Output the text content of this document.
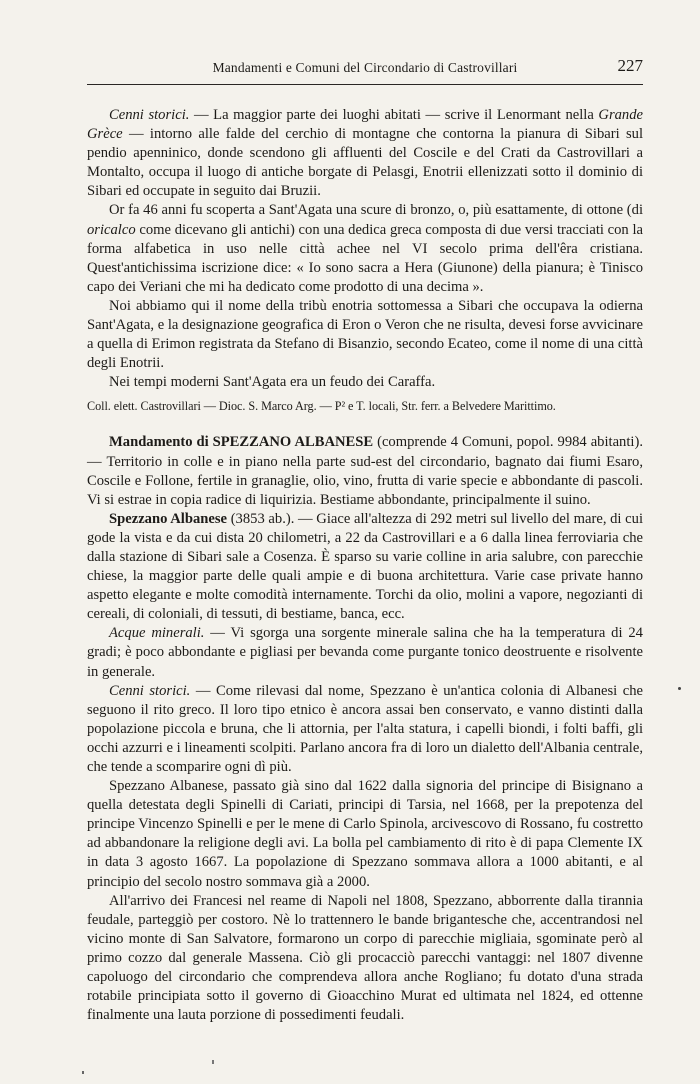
Mandamenti e Comuni del Circondario di Castrovillari	227

Cenni storici. — La maggior parte dei luoghi abitati — scrive il Lenormant nella Grande Grèce — intorno alle falde del cerchio di montagne che contorna la pianura di Sibari sul pendio apenninico, donde scendono gli affluenti del Coscile e del Crati da Castrovillari a Montalto, occupa il luogo di antiche borgate di Pelasgi, Enotrii ellenizzati sotto il dominio di Sibari ed occupate in seguito dai Bruzii.

Or fa 46 anni fu scoperta a Sant'Agata una scure di bronzo, o, più esattamente, di ottone (di oricalco come dicevano gli antichi) con una dedica greca composta di due versi tracciati con la forma alfabetica in uso nelle città achee nel VI secolo prima dell'êra cristiana. Quest'antichissima iscrizione dice: « Io sono sacra a Hera (Giunone) della pianura; è Tinisco capo dei Veriani che mi ha dedicato come prodotto di una decima ».

Noi abbiamo qui il nome della tribù enotria sottomessa a Sibari che occupava la odierna Sant'Agata, e la designazione geografica di Eron o Veron che ne risulta, devesi forse avvicinare a quella di Erimon registrata da Stefano di Bisanzio, secondo Ecateo, come il nome di una città degli Enotrii.

Nei tempi moderni Sant'Agata era un feudo dei Caraffa.

Coll. elett. Castrovillari — Dioc. S. Marco Arg. — P² e T. locali, Str. ferr. a Belvedere Marittimo.

Mandamento di SPEZZANO ALBANESE (comprende 4 Comuni, popol. 9984 abitanti). — Territorio in colle e in piano nella parte sud-est del circondario, bagnato dai fiumi Esaro, Coscile e Follone, fertile in granaglie, olio, vino, frutta di varie specie e abbondante di pascoli. Vi si estrae in copia radice di liquirizia. Bestiame abbondante, principalmente il suino.

Spezzano Albanese (3853 ab.). — Giace all'altezza di 292 metri sul livello del mare, di cui gode la vista e da cui dista 20 chilometri, a 22 da Castrovillari e a 6 dalla linea ferroviaria che dalla stazione di Sibari sale a Cosenza. È sparso su varie colline in aria salubre, con parecchie chiese, la maggior parte delle quali ampie e di buona architettura. Varie case private hanno aspetto elegante e molte comodità internamente. Torchi da olio, molini a vapore, negozianti di cereali, di coloniali, di tessuti, di bestiame, banca, ecc.

Acque minerali. — Vi sgorga una sorgente minerale salina che ha la temperatura di 24 gradi; è poco abbondante e pigliasi per bevanda come purgante tonico deostruente e risolvente in generale.

Cenni storici. — Come rilevasi dal nome, Spezzano è un'antica colonia di Albanesi che seguono il rito greco. Il loro tipo etnico è ancora assai ben conservato, e vanno distinti dalla popolazione piccola e bruna, che li attornia, per l'alta statura, i capelli biondi, i folti baffi, gli occhi azzurri e i lineamenti scolpiti. Parlano ancora fra di loro un dialetto dell'Albania centrale, che tende a scomparire ogni dì più.

Spezzano Albanese, passato già sino dal 1622 dalla signoria del principe di Bisignano a quella detestata degli Spinelli di Cariati, principi di Tarsia, nel 1668, per la prepotenza del principe Vincenzo Spinelli e per le mene di Carlo Spinola, arcivescovo di Rossano, fu costretto ad abbandonare la religione degli avi. La bolla pel cambiamento di rito è di papa Clemente IX in data 3 agosto 1667. La popolazione di Spezzano sommava allora a 1000 abitanti, e al principio del secolo nostro sommava già a 2000.

All'arrivo dei Francesi nel reame di Napoli nel 1808, Spezzano, abborrente dalla tirannia feudale, parteggiò per costoro. Nè lo trattennero le bande brigantesche che, accentrandosi nel vicino monte di San Salvatore, formarono un corpo di parecchie migliaia, sgominate però al primo cozzo dal generale Massena. Ciò gli procacciò parecchi vantaggi: nel 1807 divenne capoluogo del circondario che comprendeva allora anche Rogliano; fu dotato d'una strada rotabile principiata sotto il governo di Gioacchino Murat ed ultimata nel 1824, ed ottenne finalmente una lauta porzione di possedimenti feudali.
